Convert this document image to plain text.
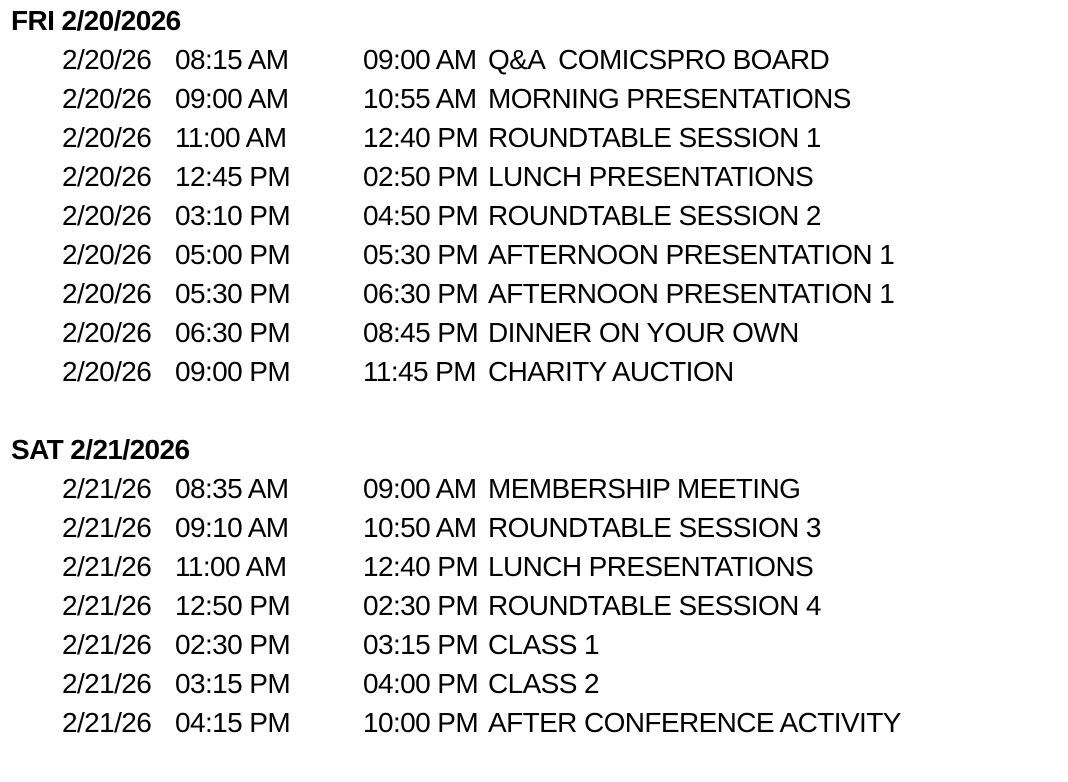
FRI 2/20/2026
2/20/26 08:15 AM	09:00 AM Q&A  COMICSPRO BOARD
2/20/26 09:00 AM	10:55 AM MORNING PRESENTATIONS
2/20/26 11:00 AM	12:40 PM ROUNDTABLE SESSION 1
2/20/26 12:45 PM	02:50 PM LUNCH PRESENTATIONS
2/20/26 03:10 PM	04:50 PM ROUNDTABLE SESSION 2
2/20/26 05:00 PM	05:30 PM AFTERNOON PRESENTATION 1
2/20/26 05:30 PM	06:30 PM AFTERNOON PRESENTATION 1
2/20/26 06:30 PM	08:45 PM DINNER ON YOUR OWN
2/20/26 09:00 PM	11:45 PM CHARITY AUCTION
SAT 2/21/2026
2/21/26 08:35 AM	09:00 AM MEMBERSHIP MEETING
2/21/26 09:10 AM	10:50 AM ROUNDTABLE SESSION 3
2/21/26 11:00 AM	12:40 PM LUNCH PRESENTATIONS
2/21/26 12:50 PM	02:30 PM ROUNDTABLE SESSION 4
2/21/26 02:30 PM	03:15 PM CLASS 1
2/21/26 03:15 PM	04:00 PM CLASS 2
2/21/26 04:15 PM	10:00 PM AFTER CONFERENCE ACTIVITY
